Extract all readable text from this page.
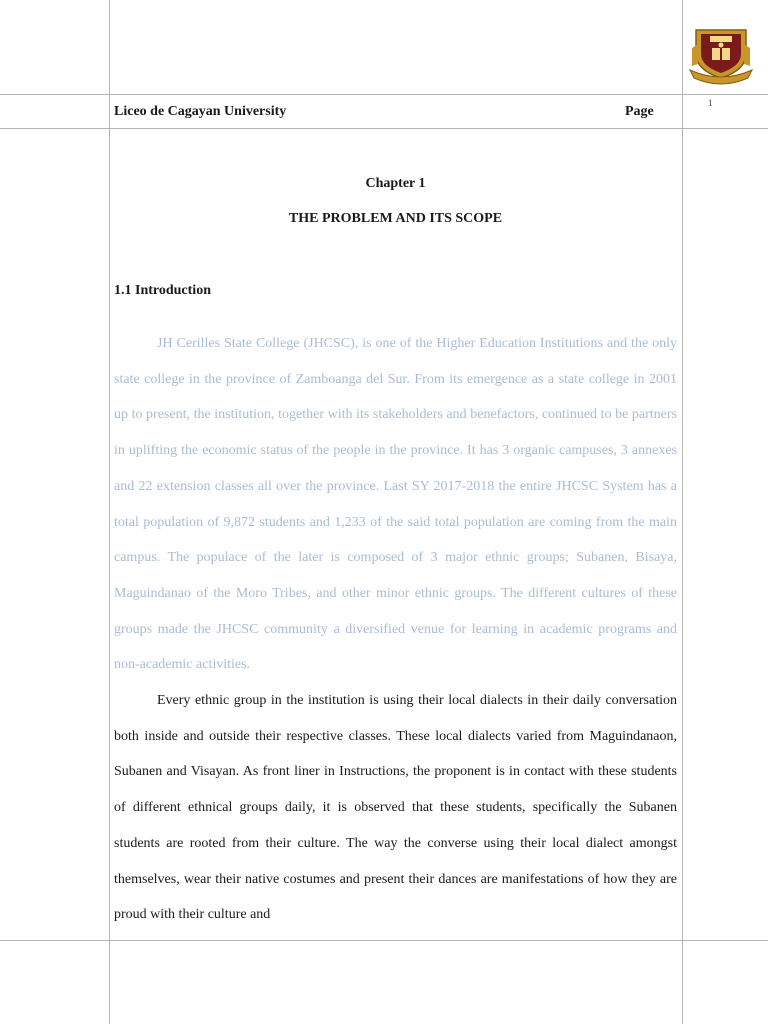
Liceo de Cagayan University	Page
1
Chapter 1
THE PROBLEM AND ITS SCOPE
1.1 Introduction

JH Cerilles State College (JHCSC), is one of the Higher Education Institutions and the only state college in the province of Zamboanga del Sur. From its emergence as a state college in 2001 up to present, the institution, together with its stakeholders and benefactors, continued to be partners in uplifting the economic status of the people in the province. It has 3 organic campuses, 3 annexes and 22 extension classes all over the province. Last SY 2017-2018 the entire JHCSC System has a total population of 9,872 students and 1,233 of the said total population are coming from the main campus. The populace of the later is composed of 3 major ethnic groups; Subanen, Bisaya, Maguindanao of the Moro Tribes, and other minor ethnic groups. The different cultures of these groups made the JHCSC community a diversified venue for learning in academic programs and non-academic activities.

Every ethnic group in the institution is using their local dialects in their daily conversation both inside and outside their respective classes. These local dialects varied from Maguindanaon, Subanen and Visayan. As front liner in Instructions, the proponent is in contact with these students of different ethnical groups daily, it is observed that these students, specifically the Subanen students are rooted from their culture. The way the converse using their local dialect amongst themselves, wear their native costumes and present their dances are manifestations of how they are proud with their culture and
